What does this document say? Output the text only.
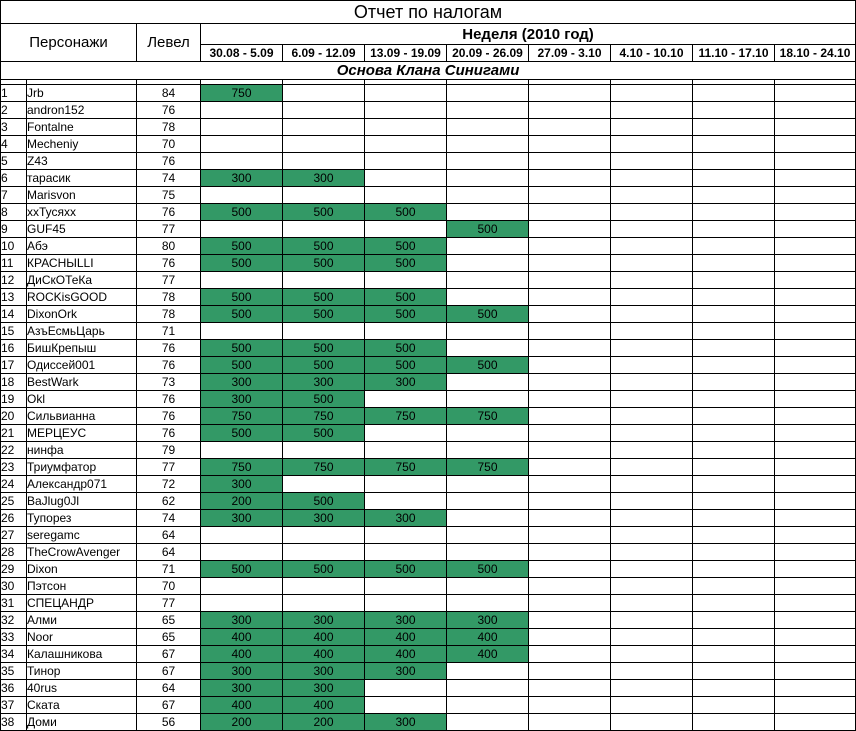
Отчет по налогам										
Персонажи		Левел	Неделя (2010 год)							
			30.08 - 5.09	6.09 - 12.09	13.09 - 19.09	20.09 - 26.09	27.09 - 3.10	4.10 - 10.10	11.10 - 17.10	18.10 - 24.10
Основа Клана Синигами										

1	Jrb	84	750							
2	andron152	76								
3	Fontalne	78								
4	Mecheniy	70								
5	Z43	76								
6	тарасик	74	300	300						
7	Marisvon	75								
8	xxТусяxx	76	500	500	500					
9	GUF45	77				500				
10	Абэ	80	500	500	500					
11	КРАСНЫLLI	76	500	500	500					
12	ДиСкОТеКа	77								
13	ROCKisGOOD	78	500	500	500					
14	DixonOrk	78	500	500	500	500				
15	АзъЕсмьЦарь	71								
16	БишКрепыш	76	500	500	500					
17	Одиссей001	76	500	500	500	500				
18	BestWark	73	300	300	300					
19	Okl	76	300	500						
20	Сильвианна	76	750	750	750	750				
21	МЕРЦЕУС	76	500	500						
22	нинфа	79								
23	Триумфатор	77	750	750	750	750				
24	Александр071	72	300							
25	BaJlug0Jl	62	200	500						
26	Тупорез	74	300	300	300					
27	seregamc	64								
28	TheCrowAvenger	64								
29	Dixon	71	500	500	500	500				
30	Пэтсон	70								
31	СПЕЦАНДР	77								
32	Алми	65	300	300	300	300				
33	Noor	65	400	400	400	400				
34	Калашникова	67	400	400	400	400				
35	Тинор	67	300	300	300					
36	40rus	64	300	300						
37	Ската	67	400	400						
38	Доми	56	200	200	300					
